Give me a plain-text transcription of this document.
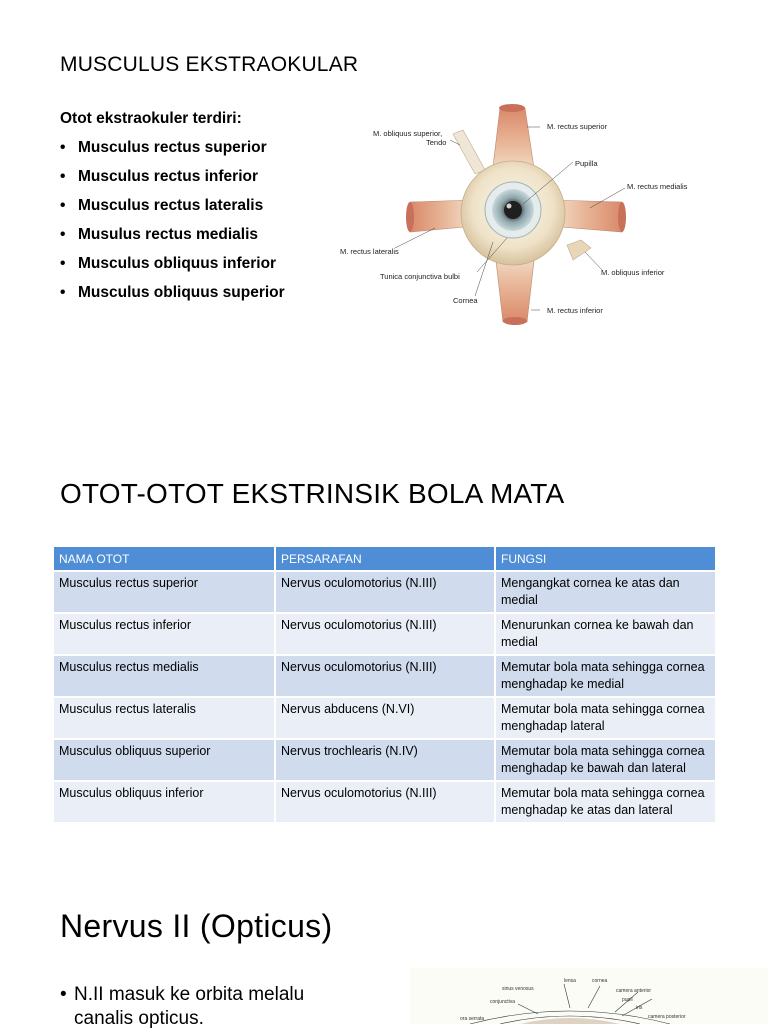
MUSCULUS EKSTRAOKULAR

Otot ekstraokuler terdiri:

• Musculus rectus superior
• Musculus rectus inferior
• Musculus rectus lateralis
• Musulus rectus medialis
• Musculus obliquus inferior
• Musculus obliquus superior
M. obliquus superior,
Tendo
M. rectus superior
Pupilla
M. rectus medialis
M. rectus lateralis
M. obliquus inferior
Tunica conjunctiva bulbi
Cornea
M. rectus inferior
OTOT-OTOT EKSTRINSIK BOLA MATA
NAMA OTOT	PERSARAFAN	FUNGSI
Musculus rectus superior	Nervus oculomotorius (N.III)	Mengangkat cornea ke atas dan medial
Musculus rectus inferior	Nervus oculomotorius (N.III)	Menurunkan cornea ke bawah dan medial
Musculus rectus medialis	Nervus oculomotorius (N.III)	Memutar bola mata sehingga cornea menghadap ke medial
Musculus rectus lateralis	Nervus abducens (N.VI)	Memutar bola mata sehingga cornea menghadap lateral
Musculus obliquus superior	Nervus trochlearis (N.IV)	Memutar bola mata sehingga cornea menghadap ke bawah dan lateral
Musculus obliquus inferior	Nervus oculomotorius (N.III)	Memutar bola mata sehingga cornea menghadap ke atas dan lateral
Nervus II (Opticus)

• N.II masuk ke orbita melalu canalis opticus.

lensa	cornea
sinus venosus	camera anterior
conjunctiva	pupil
iris
ora serrata	camera posterior
